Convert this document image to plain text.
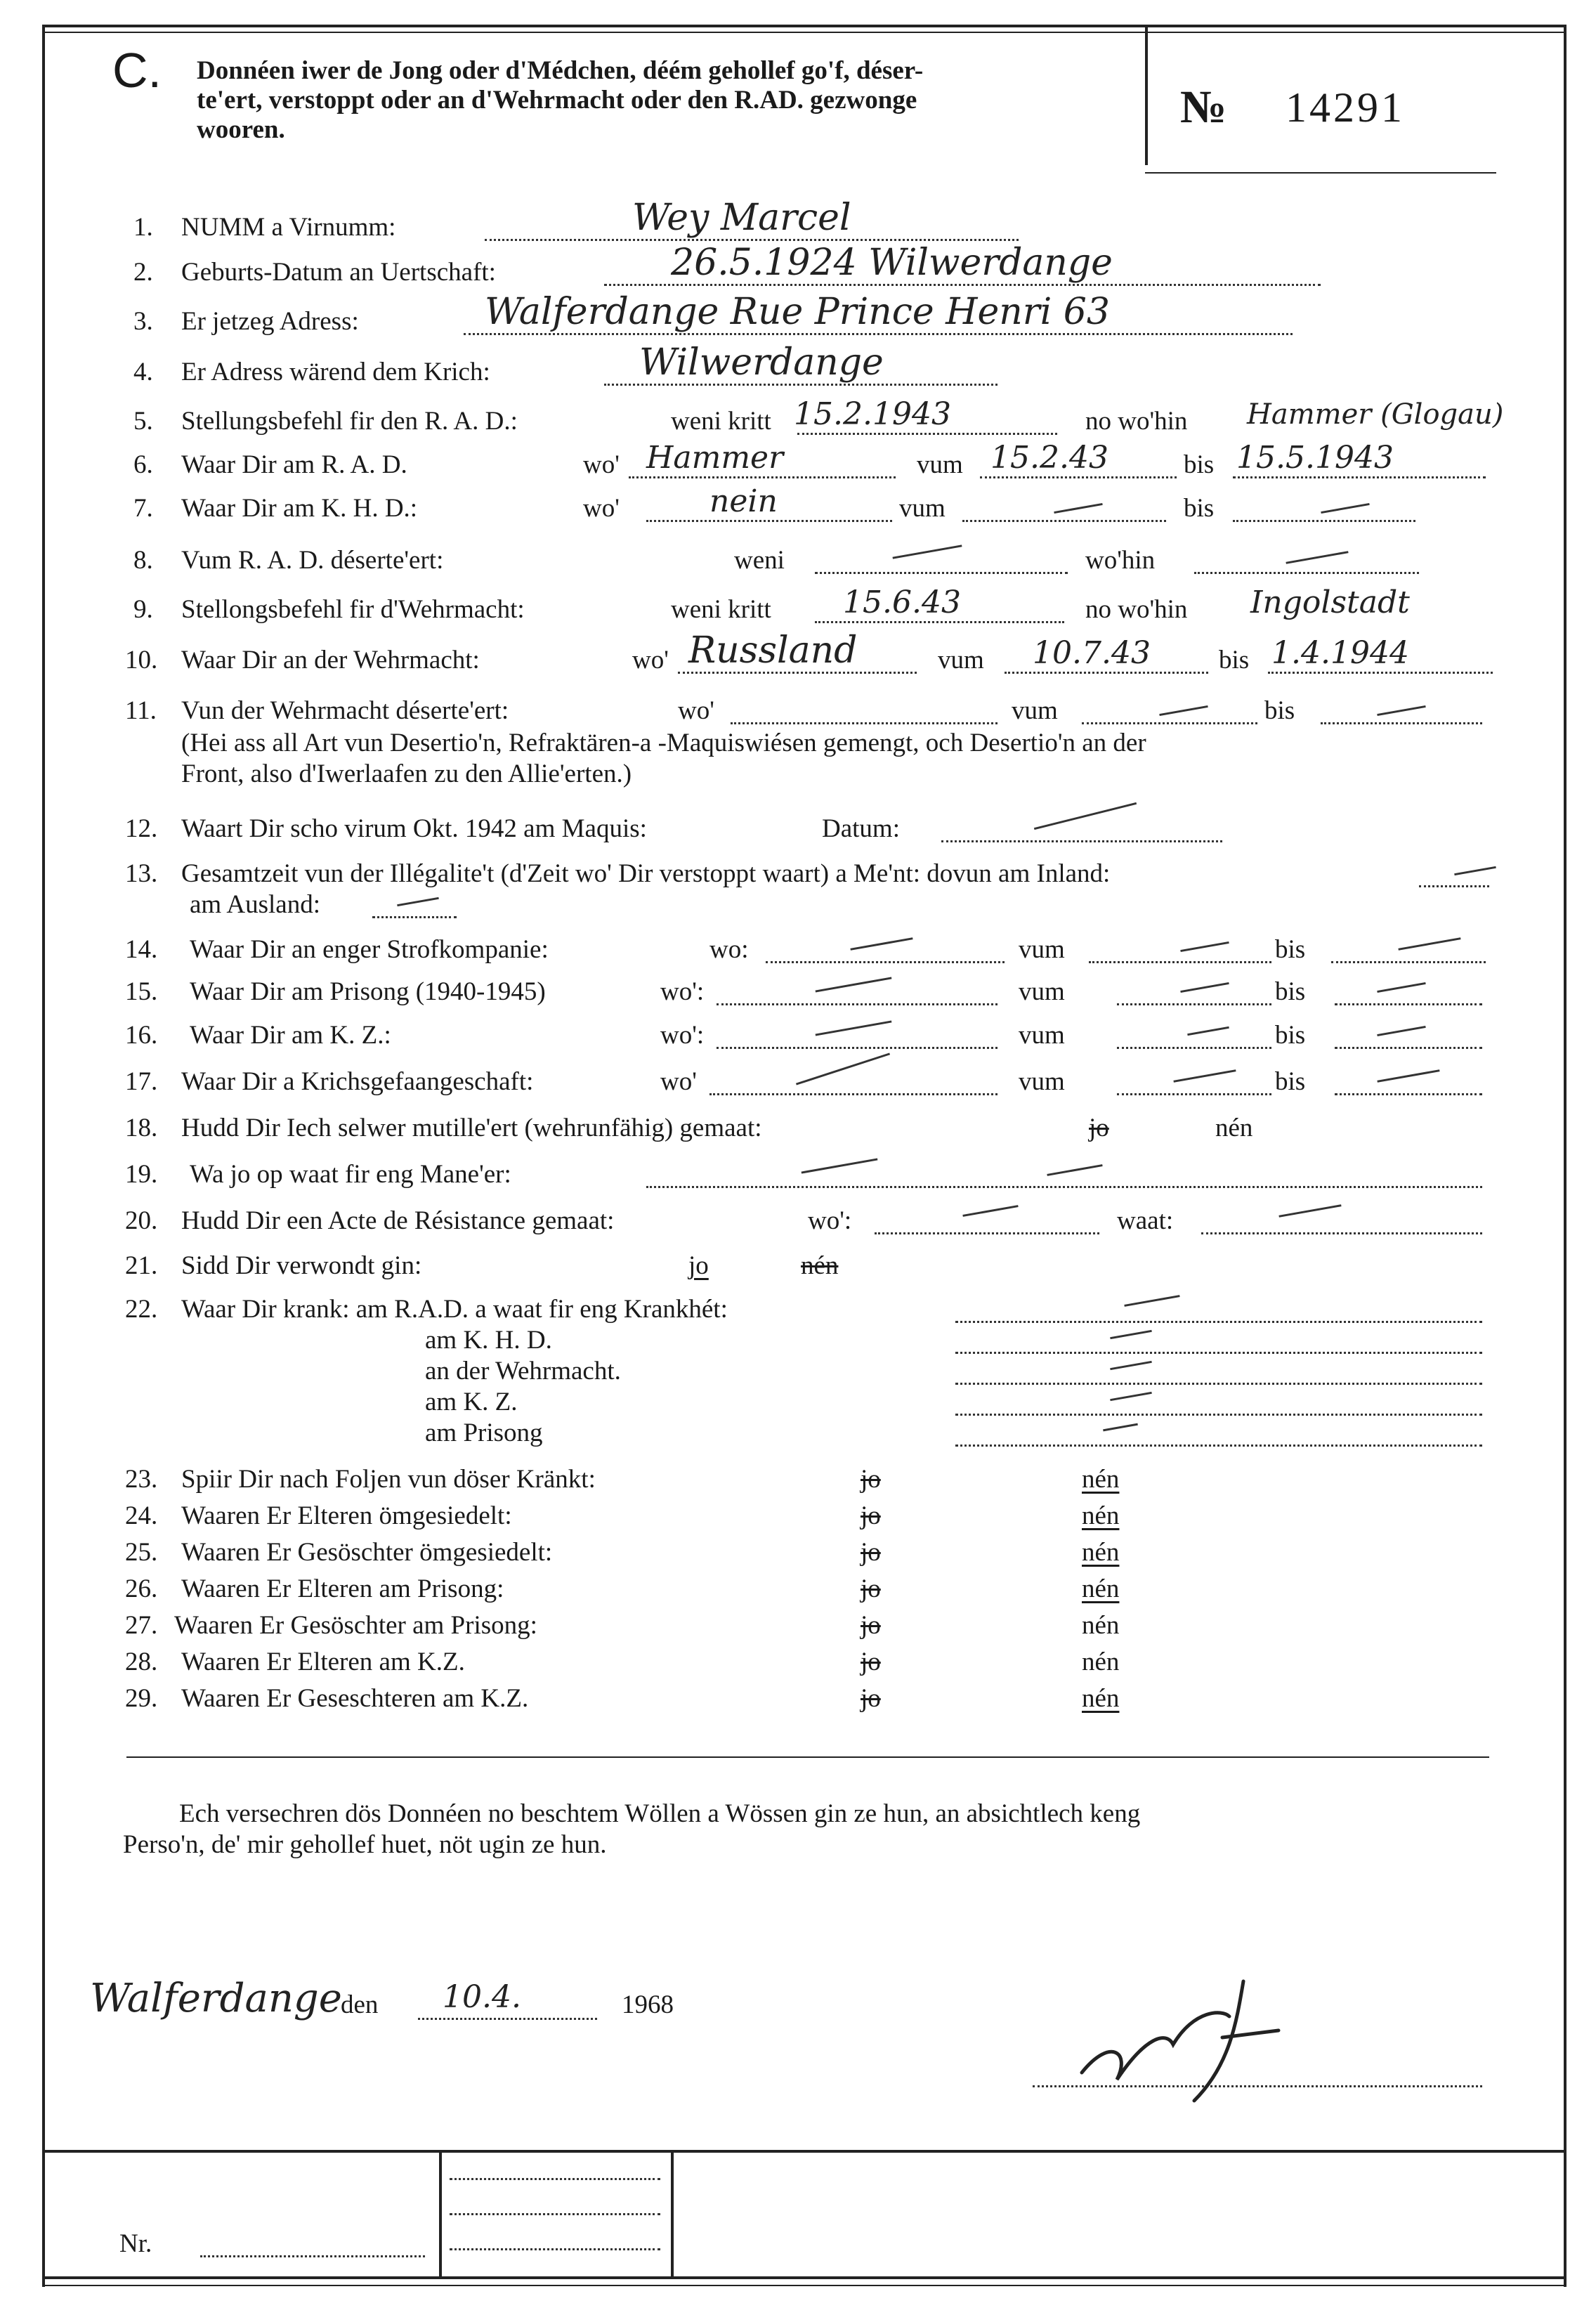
C. Donnéen iwer de Jong oder d'Médchen, déém gehollef go'f, déser-
te'ert, verstoppt oder an d'Wehrmacht oder den R.AD. gezwonge
wooren.	№ 14291
1. NUMM a Virnumm:	Wey Marcel
2. Geburts-Datum an Uertschaft:	26.5.1924 Wilwerdange
3. Er jetzeg Adress:	Walferdange Rue Prince Henri 63
4. Er Adress wärend dem Krich:	Wilwerdange
5. Stellungsbefehl fir den R. A. D.:	weni kritt 15.2.1943	no wo'hin Hammer (Glogau)
6. Waar Dir am R. A. D.	wo' Hammer	vum 15.2.43	bis 15.5.1943
7. Waar Dir am K. H. D.:	wo'	nein	vum	bis
8. Vum R. A. D. déserte'ert:	weni	wo'hin
9. Stellongsbefehl fir d'Wehrmacht:	weni kritt 15.6.43	no wo'hin Ingolstadt
10. Waar Dir an der Wehrmacht:	wo' Russland	vum 10.7.43	bis 1.4.1944
11. Vun der Wehrmacht déserte'ert:	wo'	vum	bis
(Hei ass all Art vun Desertio'n, Refraktären-a -Maquiswiésen gemengt, och Desertio'n an der
Front, also d'Iwerlaafen zu den Allie'erten.)
12. Waart Dir scho virum Okt. 1942 am Maquis:	Datum:
13. Gesamtzeit vun der Illégalite't (d'Zeit wo' Dir verstoppt waart) a Me'nt: dovun am Inland:
am Ausland:
14. Waar Dir an enger Strofkompanie:	wo:	vum	bis
15. Waar Dir am Prisong (1940-1945)	wo':	vum	bis
16. Waar Dir am K. Z.:	wo':	vum	bis
17. Waar Dir a Krichsgefaangeschaft:	wo'	vum	bis
18. Hudd Dir Iech selwer mutille'ert (wehrunfähig) gemaat:	jo	nén
19. Wa jo op waat fir eng Mane'er:
20. Hudd Dir een Acte de Résistance gemaat:	wo':	waat:
21. Sidd Dir verwondt gin:	jo	nén
22. Waar Dir krank: am R.A.D. a waat fir eng Krankhét:
am K. H. D.
an der Wehrmacht.
am K. Z.
am Prisong
23. Spiir Dir nach Foljen vun döser Kränkt:	jo	nén
24. Waaren Er Elteren ömgesiedelt:	jo	nén
25. Waaren Er Gesöschter ömgesiedelt:	jo	nén
26. Waaren Er Elteren am Prisong:	jo	nén
27. Waaren Er Gesöschter am Prisong:	jo	nén
28. Waaren Er Elteren am K.Z.	jo	nén
29. Waaren Er Geseschteren am K.Z.	jo	nén
Ech versechren dös Donnéen no beschtem Wöllen a Wössen gin ze hun, an absichtlech keng
Perso'n, de' mir gehollef huet, nöt ugin ze hun.
Walferdange
den 10.4.	1968
Nr.
